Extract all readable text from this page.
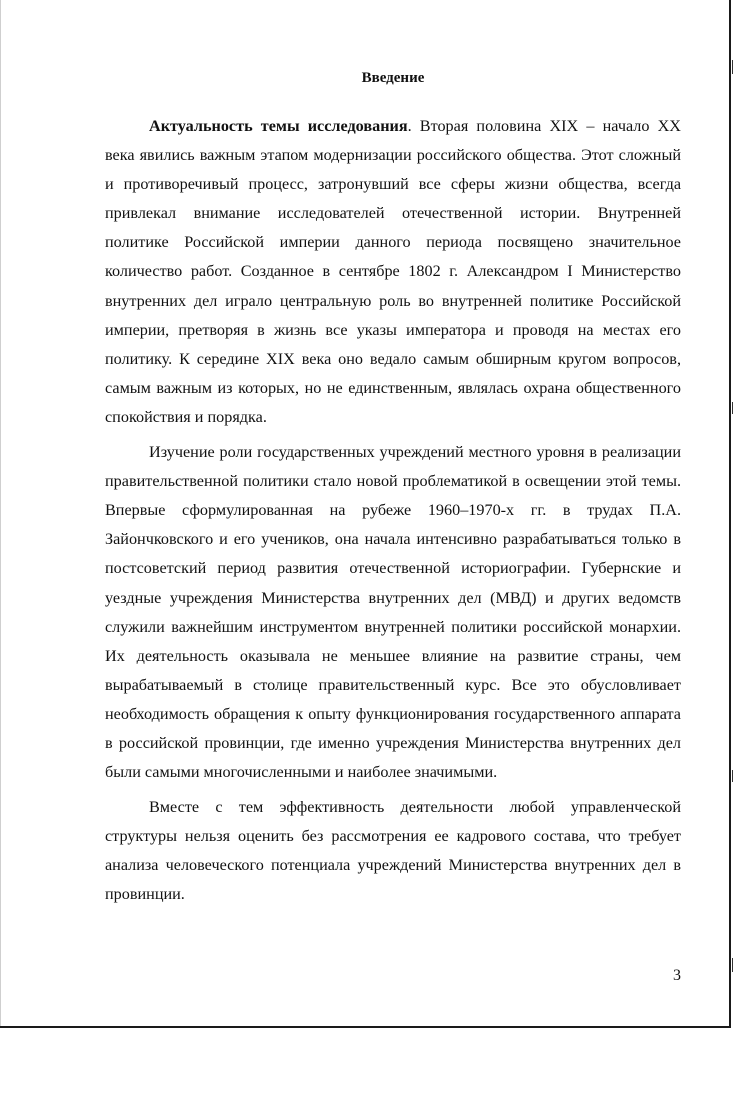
Введение

Актуальность темы исследования. Вторая половина XIX – начало XX века явились важным этапом модернизации российского общества. Этот сложный и противоречивый процесс, затронувший все сферы жизни общества, всегда привлекал внимание исследователей отечественной истории. Внутренней политике Российской империи данного периода посвящено значительное количество работ. Созданное в сентябре 1802 г. Александром I Министерство внутренних дел играло центральную роль во внутренней политике Российской империи, претворяя в жизнь все указы императора и проводя на местах его политику. К середине XIX века оно ведало самым обширным кругом вопросов, самым важным из которых, но не единственным, являлась охрана общественного спокойствия и порядка.

Изучение роли государственных учреждений местного уровня в реализации правительственной политики стало новой проблематикой в освещении этой темы. Впервые сформулированная на рубеже 1960–1970-х гг. в трудах П.А. Зайончковского и его учеников, она начала интенсивно разрабатываться только в постсоветский период развития отечественной историографии. Губернские и уездные учреждения Министерства внутренних дел (МВД) и других ведомств служили важнейшим инструментом внутренней политики российской монархии. Их деятельность оказывала не меньшее влияние на развитие страны, чем вырабатываемый в столице правительственный курс. Все это обусловливает необходимость обращения к опыту функционирования государственного аппарата в российской провинции, где именно учреждения Министерства внутренних дел были самыми многочисленными и наиболее значимыми.

Вместе с тем эффективность деятельности любой управленческой структуры нельзя оценить без рассмотрения ее кадрового состава, что требует анализа человеческого потенциала учреждений Министерства внутренних дел в провинции.

3
